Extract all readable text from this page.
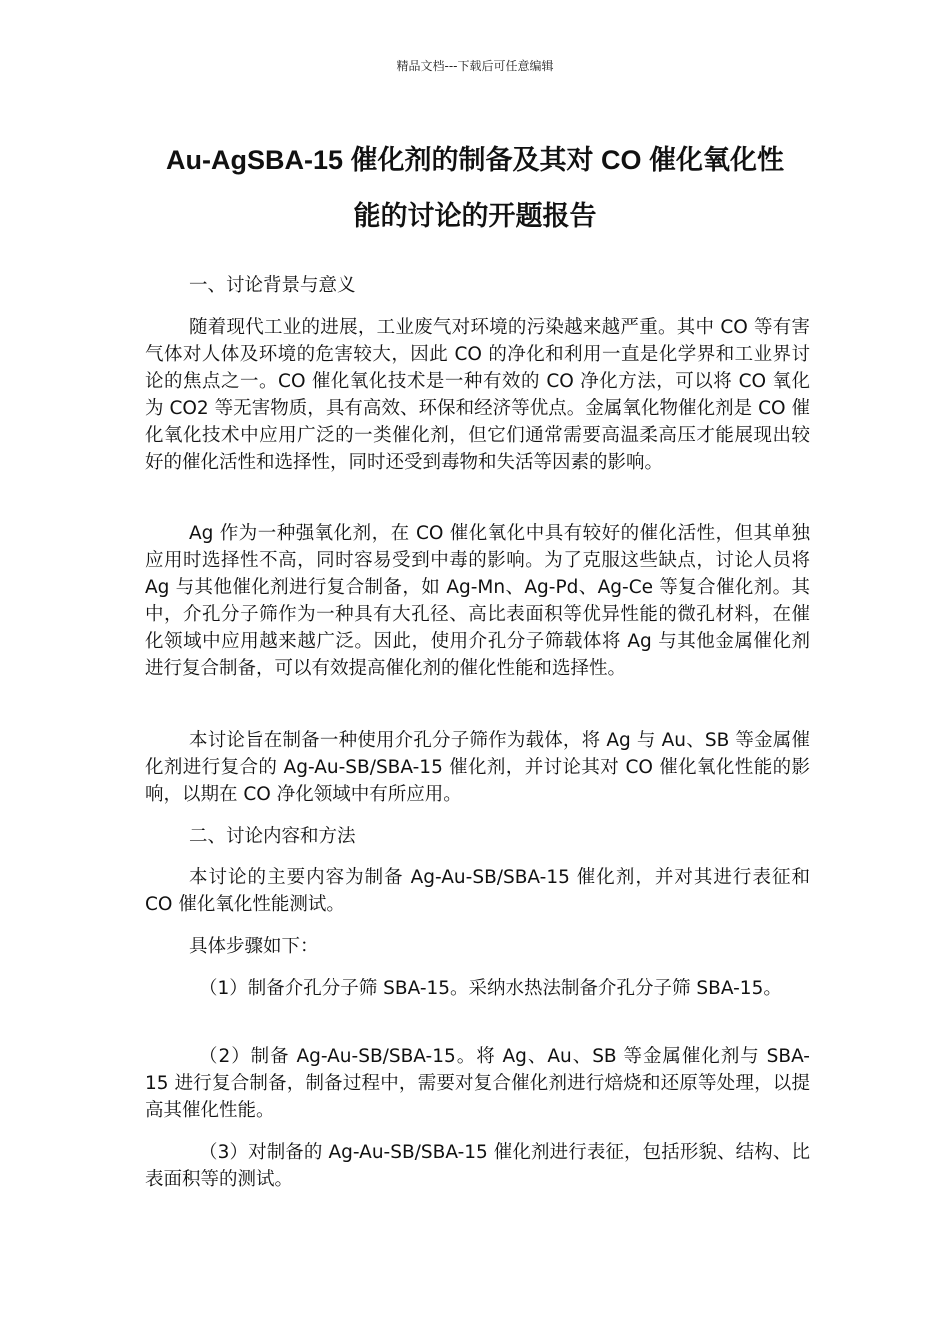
精品文档---下载后可任意编辑
Au-AgSBA-15 催化剂的制备及其对 CO 催化氧化性
能的讨论的开题报告

一、讨论背景与意义

随着现代工业的进展，工业废气对环境的污染越来越严重。其中 CO 等有害气体对人体及环境的危害较大，因此 CO 的净化和利用一直是化学界和工业界讨论的焦点之一。CO 催化氧化技术是一种有效的 CO 净化方法，可以将 CO 氧化为 CO2 等无害物质，具有高效、环保和经济等优点。金属氧化物催化剂是 CO 催化氧化技术中应用广泛的一类催化剂，但它们通常需要高温柔高压才能展现出较好的催化活性和选择性，同时还受到毒物和失活等因素的影响。

Ag 作为一种强氧化剂，在 CO 催化氧化中具有较好的催化活性，但其单独应用时选择性不高，同时容易受到中毒的影响。为了克服这些缺点，讨论人员将 Ag 与其他催化剂进行复合制备，如 Ag-Mn、Ag-Pd、Ag-Ce 等复合催化剂。其中，介孔分子筛作为一种具有大孔径、高比表面积等优异性能的微孔材料，在催化领域中应用越来越广泛。因此，使用介孔分子筛载体将 Ag 与其他金属催化剂进行复合制备，可以有效提高催化剂的催化性能和选择性。

本讨论旨在制备一种使用介孔分子筛作为载体，将 Ag 与 Au、SB 等金属催化剂进行复合的 Ag-Au-SB/SBA-15 催化剂，并讨论其对 CO 催化氧化性能的影响，以期在 CO 净化领域中有所应用。

二、讨论内容和方法

本讨论的主要内容为制备 Ag-Au-SB/SBA-15 催化剂，并对其进行表征和 CO 催化氧化性能测试。

具体步骤如下：

（1）制备介孔分子筛 SBA-15。采纳水热法制备介孔分子筛 SBA-15。

（2）制备 Ag-Au-SB/SBA-15。将 Ag、Au、SB 等金属催化剂与 SBA-15 进行复合制备，制备过程中，需要对复合催化剂进行焙烧和还原等处理，以提高其催化性能。

（3）对制备的 Ag-Au-SB/SBA-15 催化剂进行表征，包括形貌、结构、比表面积等的测试。
